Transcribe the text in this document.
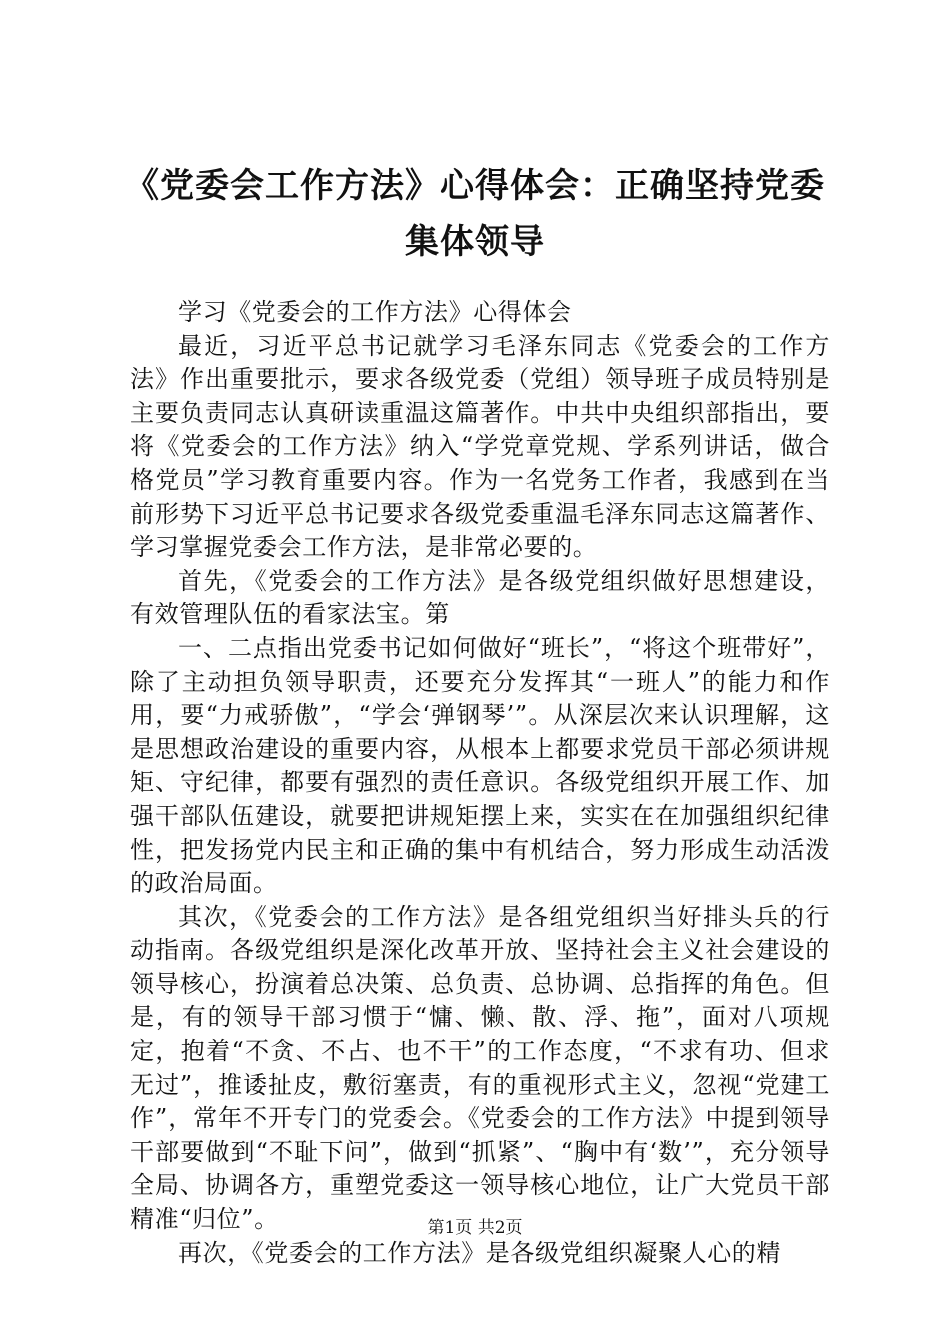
《党委会工作方法》心得体会：正确坚持党委
集体领导

学习《党委会的工作方法》心得体会

最近，习近平总书记就学习毛泽东同志《党委会的工作方法》作出重要批示，要求各级党委（党组）领导班子成员特别是主要负责同志认真研读重温这篇著作。中共中央组织部指出，要将《党委会的工作方法》纳入“学党章党规、学系列讲话，做合格党员”学习教育重要内容。作为一名党务工作者，我感到在当前形势下习近平总书记要求各级党委重温毛泽东同志这篇著作、学习掌握党委会工作方法，是非常必要的。

首先，《党委会的工作方法》是各级党组织做好思想建设，有效管理队伍的看家法宝。第

一、二点指出党委书记如何做好“班长”，“将这个班带好”，除了主动担负领导职责，还要充分发挥其“一班人”的能力和作用，要“力戒骄傲”，“学会‘弹钢琴’”。从深层次来认识理解，这是思想政治建设的重要内容，从根本上都要求党员干部必须讲规矩、守纪律，都要有强烈的责任意识。各级党组织开展工作、加强干部队伍建设，就要把讲规矩摆上来，实实在在加强组织纪律性，把发扬党内民主和正确的集中有机结合，努力形成生动活泼的政治局面。

其次，《党委会的工作方法》是各组党组织当好排头兵的行动指南。各级党组织是深化改革开放、坚持社会主义社会建设的领导核心，扮演着总决策、总负责、总协调、总指挥的角色。但是，有的领导干部习惯于“慵、懒、散、浮、拖”，面对八项规定，抱着“不贪、不占、也不干”的工作态度，“不求有功、但求无过”，推诿扯皮，敷衍塞责，有的重视形式主义，忽视“党建工作”，常年不开专门的党委会。《党委会的工作方法》中提到领导干部要做到“不耻下问”，做到“抓紧”、“胸中有‘数’”，充分领导全局、协调各方，重塑党委这一领导核心地位，让广大党员干部精准“归位”。

再次，《党委会的工作方法》是各级党组织凝聚人心的精

第1页 共2页
